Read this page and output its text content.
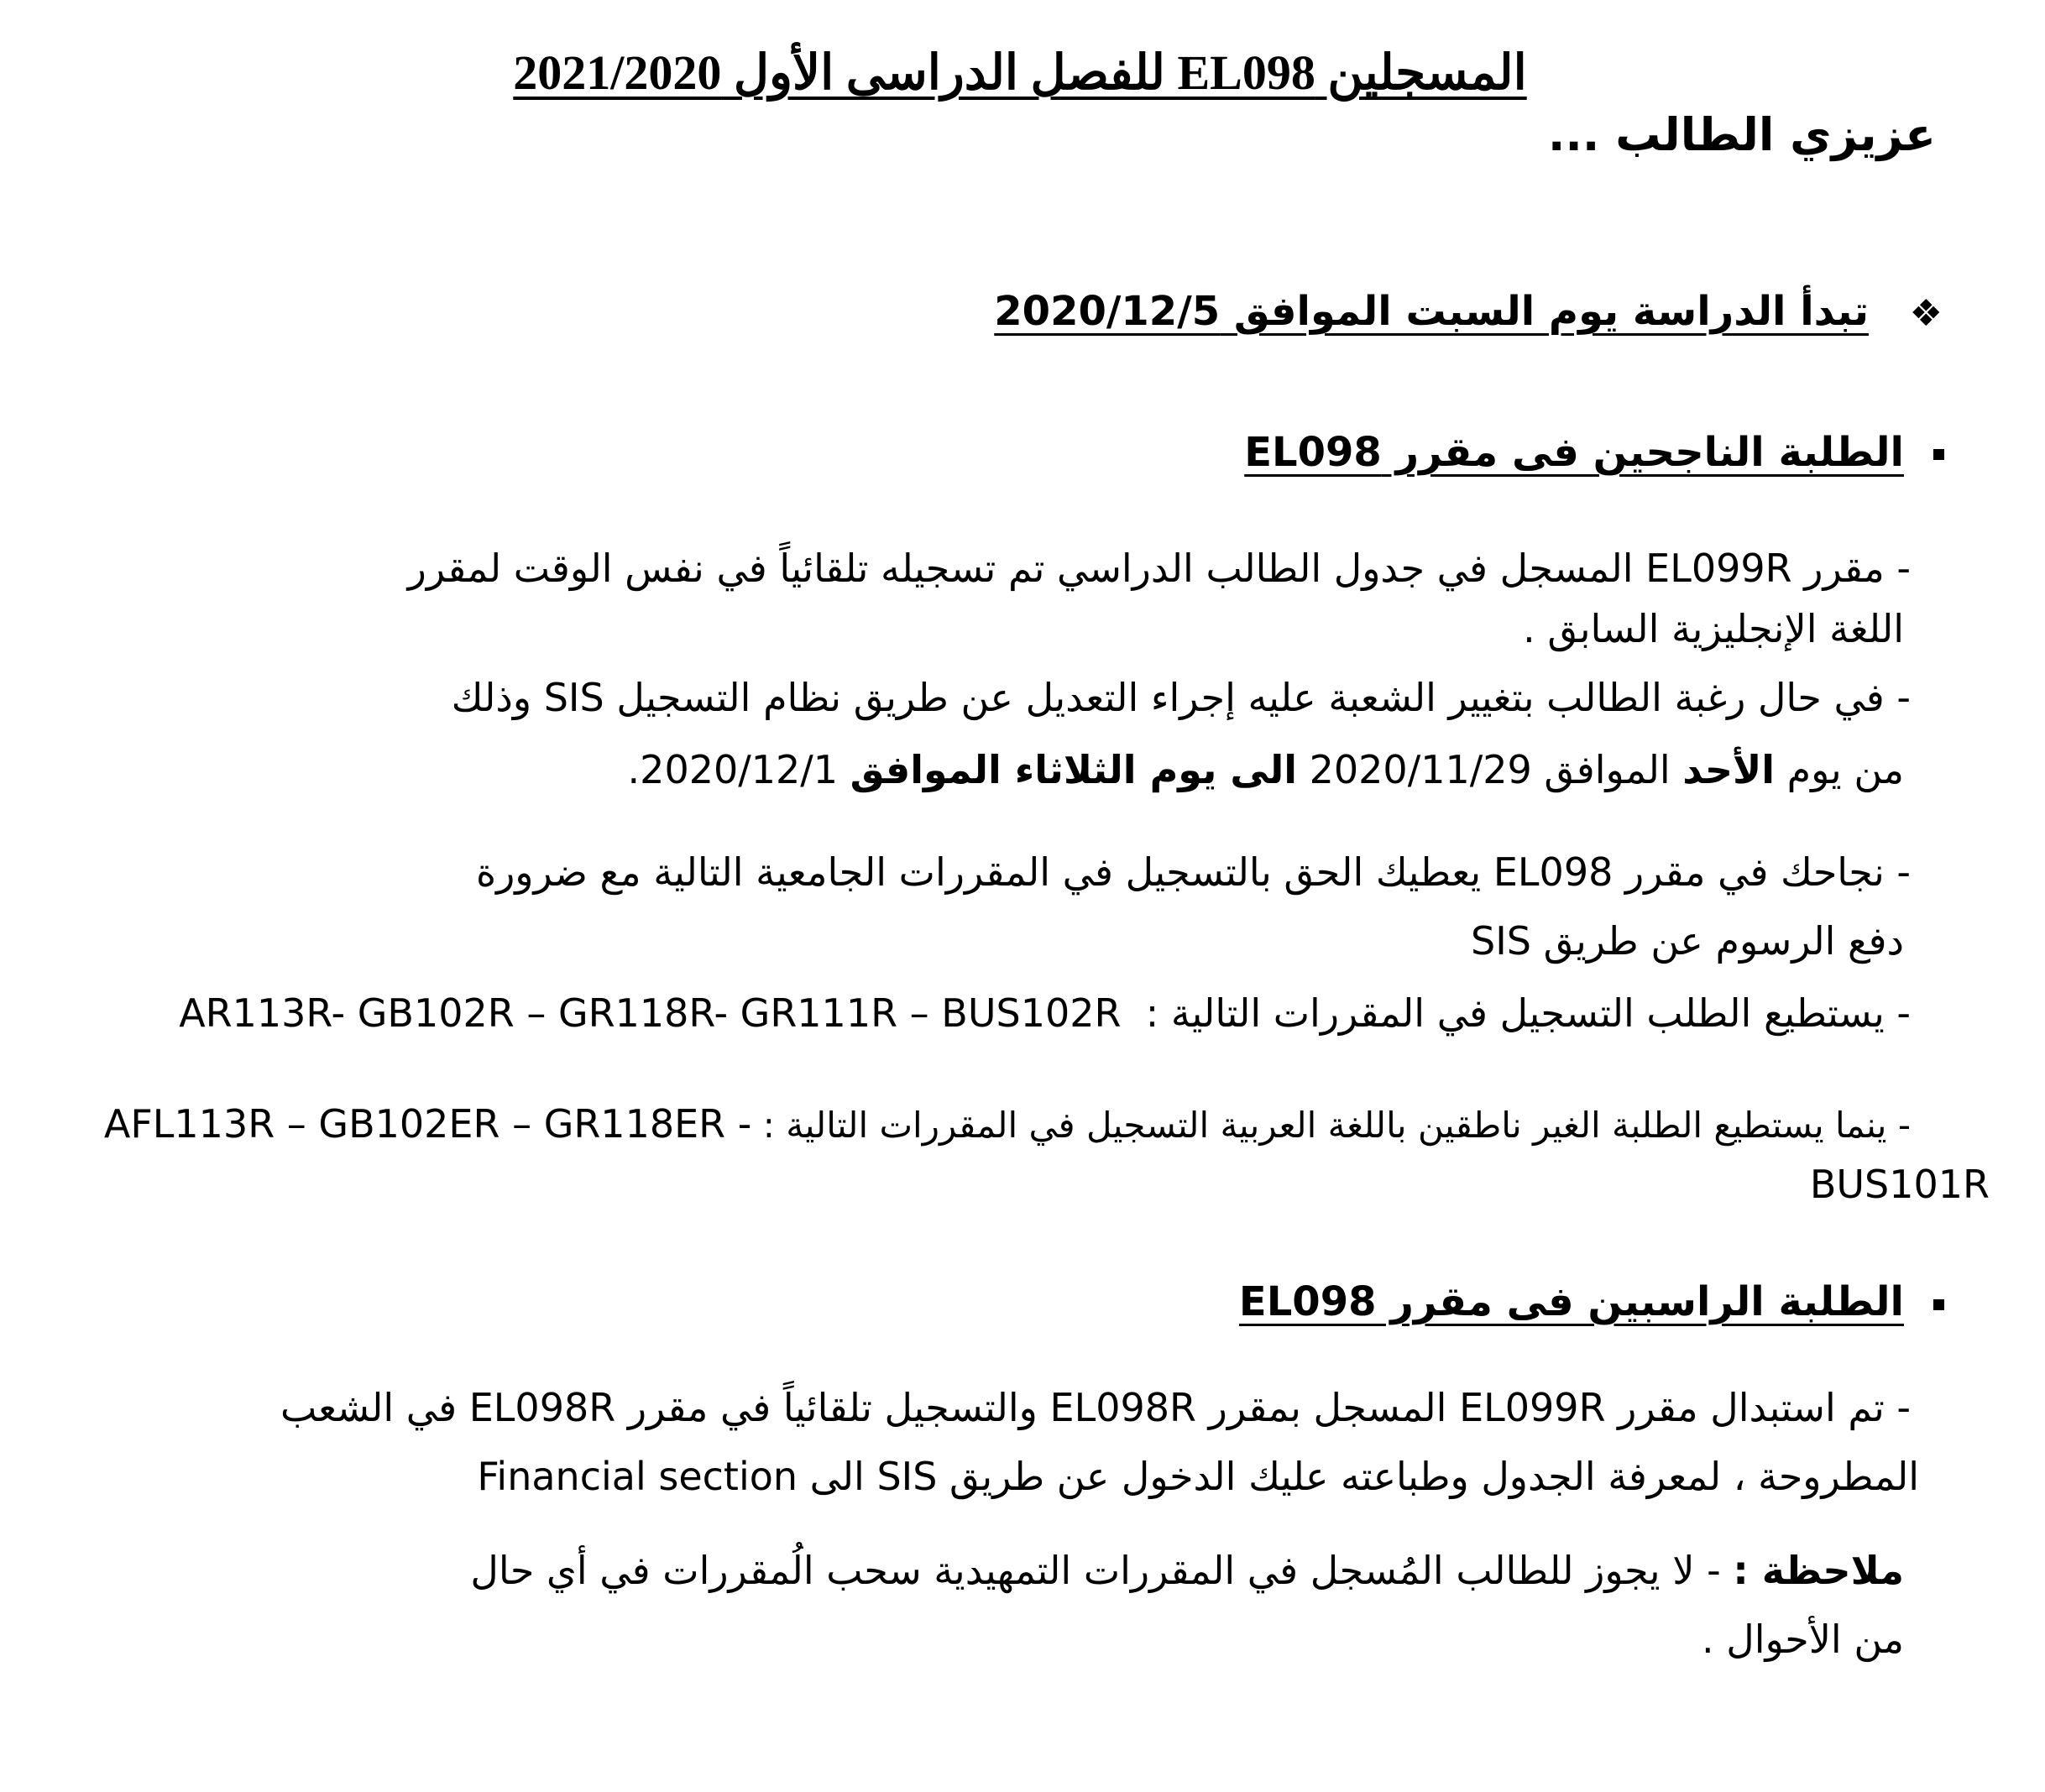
المسجلين EL098 للفصل الدراسى الأول 2021/2020
عزيزي الطالب ...
❖
تبدأ الدراسة يوم السبت الموافق 2020/12/5
الطلبة الناجحين فى مقرر EL098
- مقرر EL099R المسجل في جدول الطالب الدراسي تم تسجيله تلقائياً في نفس الوقت لمقرر
اللغة الإنجليزية السابق .
- في حال رغبة الطالب بتغيير الشعبة عليه إجراء التعديل عن طريق نظام التسجيل SIS وذلك
من يوم الأحد الموافق 2020/11/29 الى يوم الثلاثاء الموافق 2020/12/1.
- نجاحك في مقرر EL098 يعطيك الحق بالتسجيل في المقررات الجامعية التالية مع ضرورة
دفع الرسوم عن طريق SIS
- يستطيع الطلب التسجيل في المقررات التالية :  AR113R- GB102R – GR118R- GR111R – BUS102R
- ينما يستطيع الطلبة الغير ناطقين باللغة العربية التسجيل في المقررات التالية : AFL113R – GB102ER – GR118ER -
BUS101R
الطلبة الراسبين فى مقرر EL098
- تم استبدال مقرر EL099R المسجل بمقرر EL098R والتسجيل تلقائياً في مقرر EL098R في الشعب
المطروحة ، لمعرفة الجدول وطباعته عليك الدخول عن طريق SIS الى Financial section
ملاحظة : - لا يجوز للطالب المُسجل في المقررات التمهيدية سحب الُمقررات في أي حال
من الأحوال .
